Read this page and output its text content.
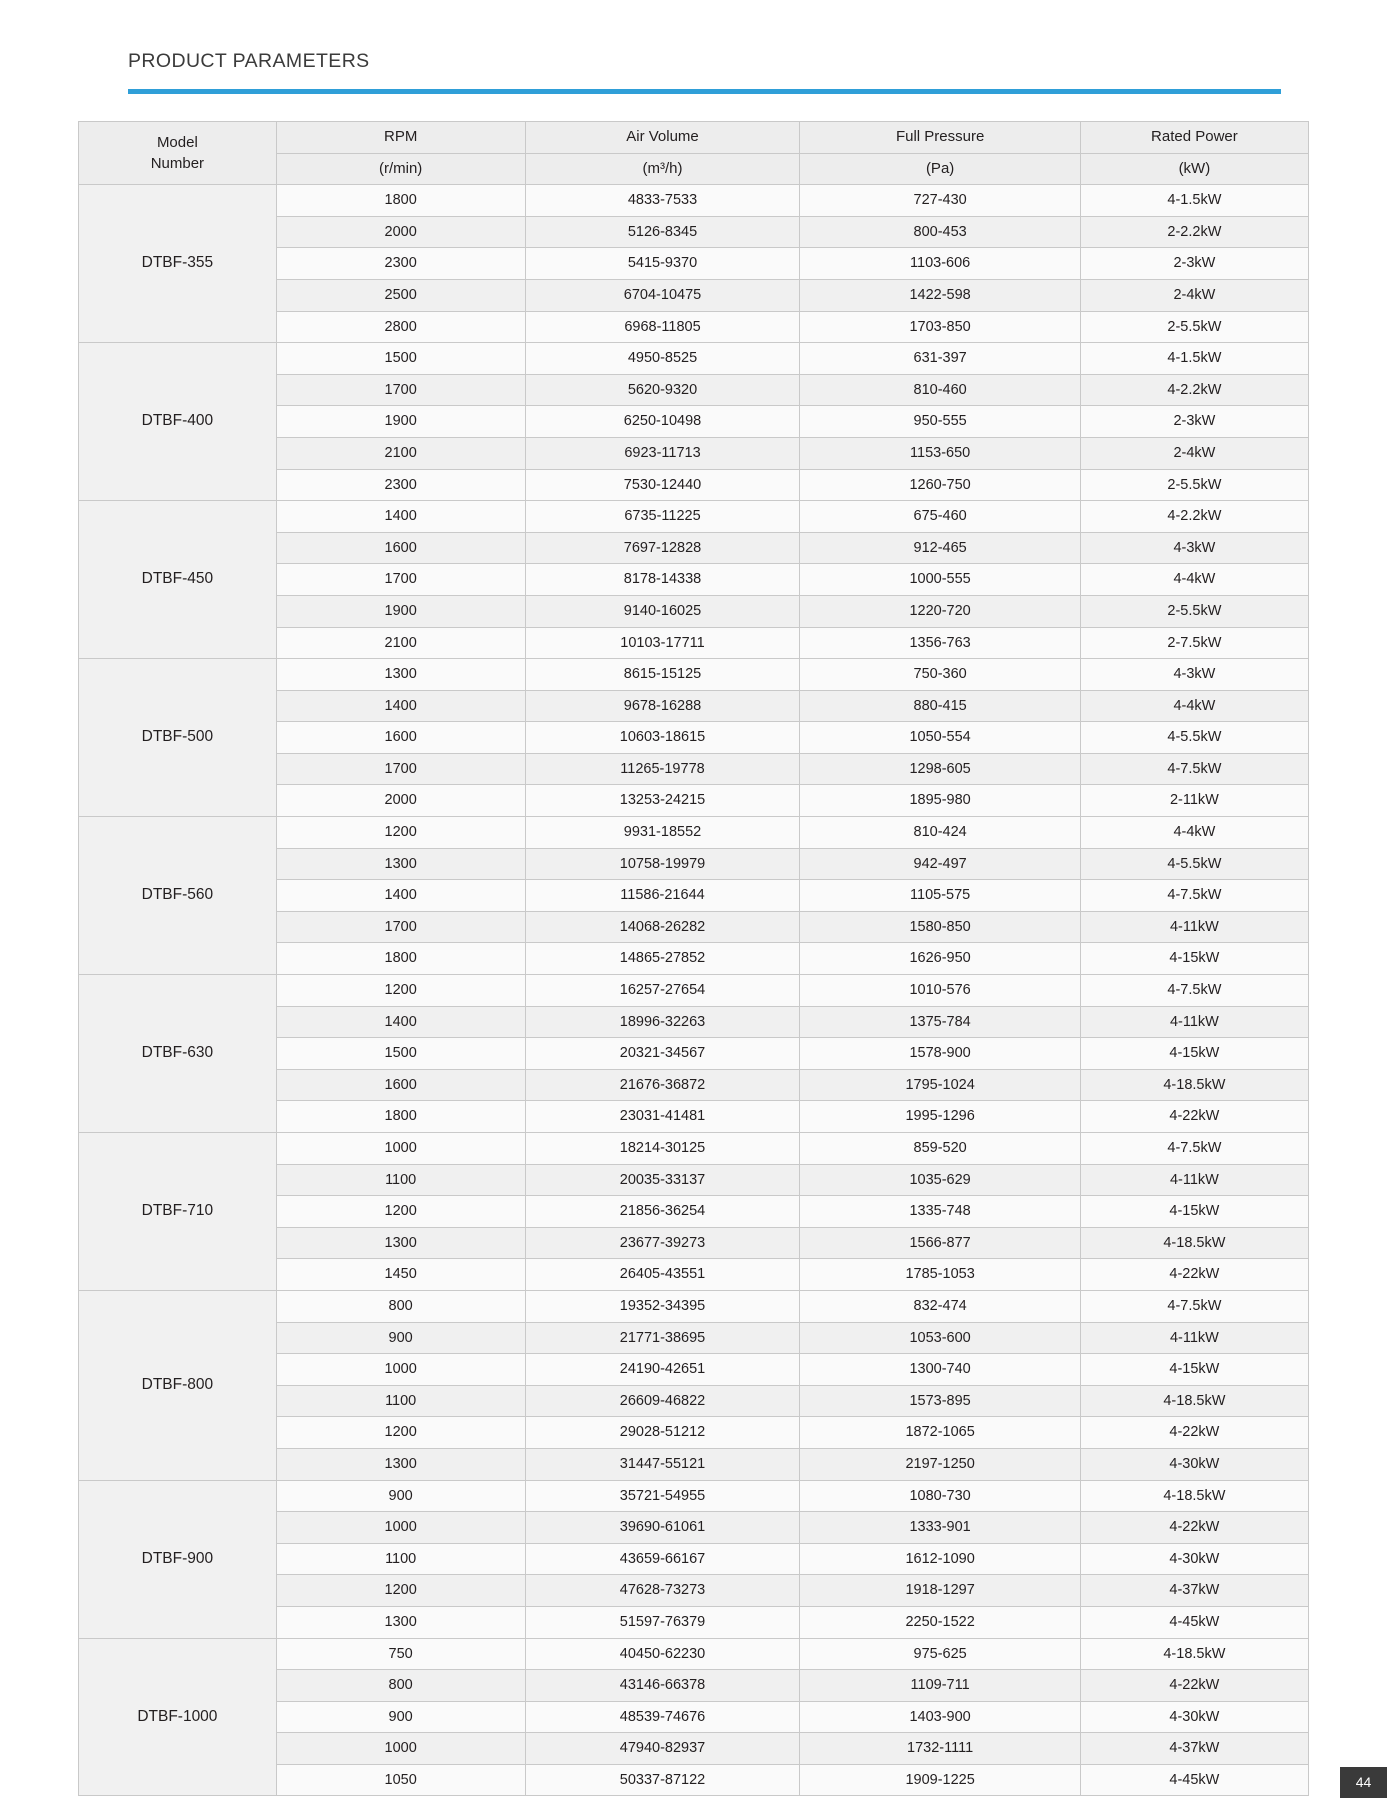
PRODUCT PARAMETERS
Model
Number	RPM	Air Volume	Full Pressure	Rated Power
	(r/min)	(m³/h)	(Pa)	(kW)
DTBF-355	1800	4833-7533	727-430	4-1.5kW
	2000	5126-8345	800-453	2-2.2kW
	2300	5415-9370	1103-606	2-3kW
	2500	6704-10475	1422-598	2-4kW
	2800	6968-11805	1703-850	2-5.5kW
DTBF-400	1500	4950-8525	631-397	4-1.5kW
	1700	5620-9320	810-460	4-2.2kW
	1900	6250-10498	950-555	2-3kW
	2100	6923-11713	1153-650	2-4kW
	2300	7530-12440	1260-750	2-5.5kW
DTBF-450	1400	6735-11225	675-460	4-2.2kW
	1600	7697-12828	912-465	4-3kW
	1700	8178-14338	1000-555	4-4kW
	1900	9140-16025	1220-720	2-5.5kW
	2100	10103-17711	1356-763	2-7.5kW
DTBF-500	1300	8615-15125	750-360	4-3kW
	1400	9678-16288	880-415	4-4kW
	1600	10603-18615	1050-554	4-5.5kW
	1700	11265-19778	1298-605	4-7.5kW
	2000	13253-24215	1895-980	2-11kW
DTBF-560	1200	9931-18552	810-424	4-4kW
	1300	10758-19979	942-497	4-5.5kW
	1400	11586-21644	1105-575	4-7.5kW
	1700	14068-26282	1580-850	4-11kW
	1800	14865-27852	1626-950	4-15kW
DTBF-630	1200	16257-27654	1010-576	4-7.5kW
	1400	18996-32263	1375-784	4-11kW
	1500	20321-34567	1578-900	4-15kW
	1600	21676-36872	1795-1024	4-18.5kW
	1800	23031-41481	1995-1296	4-22kW
DTBF-710	1000	18214-30125	859-520	4-7.5kW
	1100	20035-33137	1035-629	4-11kW
	1200	21856-36254	1335-748	4-15kW
	1300	23677-39273	1566-877	4-18.5kW
	1450	26405-43551	1785-1053	4-22kW
DTBF-800	800	19352-34395	832-474	4-7.5kW
	900	21771-38695	1053-600	4-11kW
	1000	24190-42651	1300-740	4-15kW
	1100	26609-46822	1573-895	4-18.5kW
	1200	29028-51212	1872-1065	4-22kW
	1300	31447-55121	2197-1250	4-30kW
DTBF-900	900	35721-54955	1080-730	4-18.5kW
	1000	39690-61061	1333-901	4-22kW
	1100	43659-66167	1612-1090	4-30kW
	1200	47628-73273	1918-1297	4-37kW
	1300	51597-76379	2250-1522	4-45kW
DTBF-1000	750	40450-62230	975-625	4-18.5kW
	800	43146-66378	1109-711	4-22kW
	900	48539-74676	1403-900	4-30kW
	1000	47940-82937	1732-1111	4-37kW
	1050	50337-87122	1909-1225	4-45kW	44
